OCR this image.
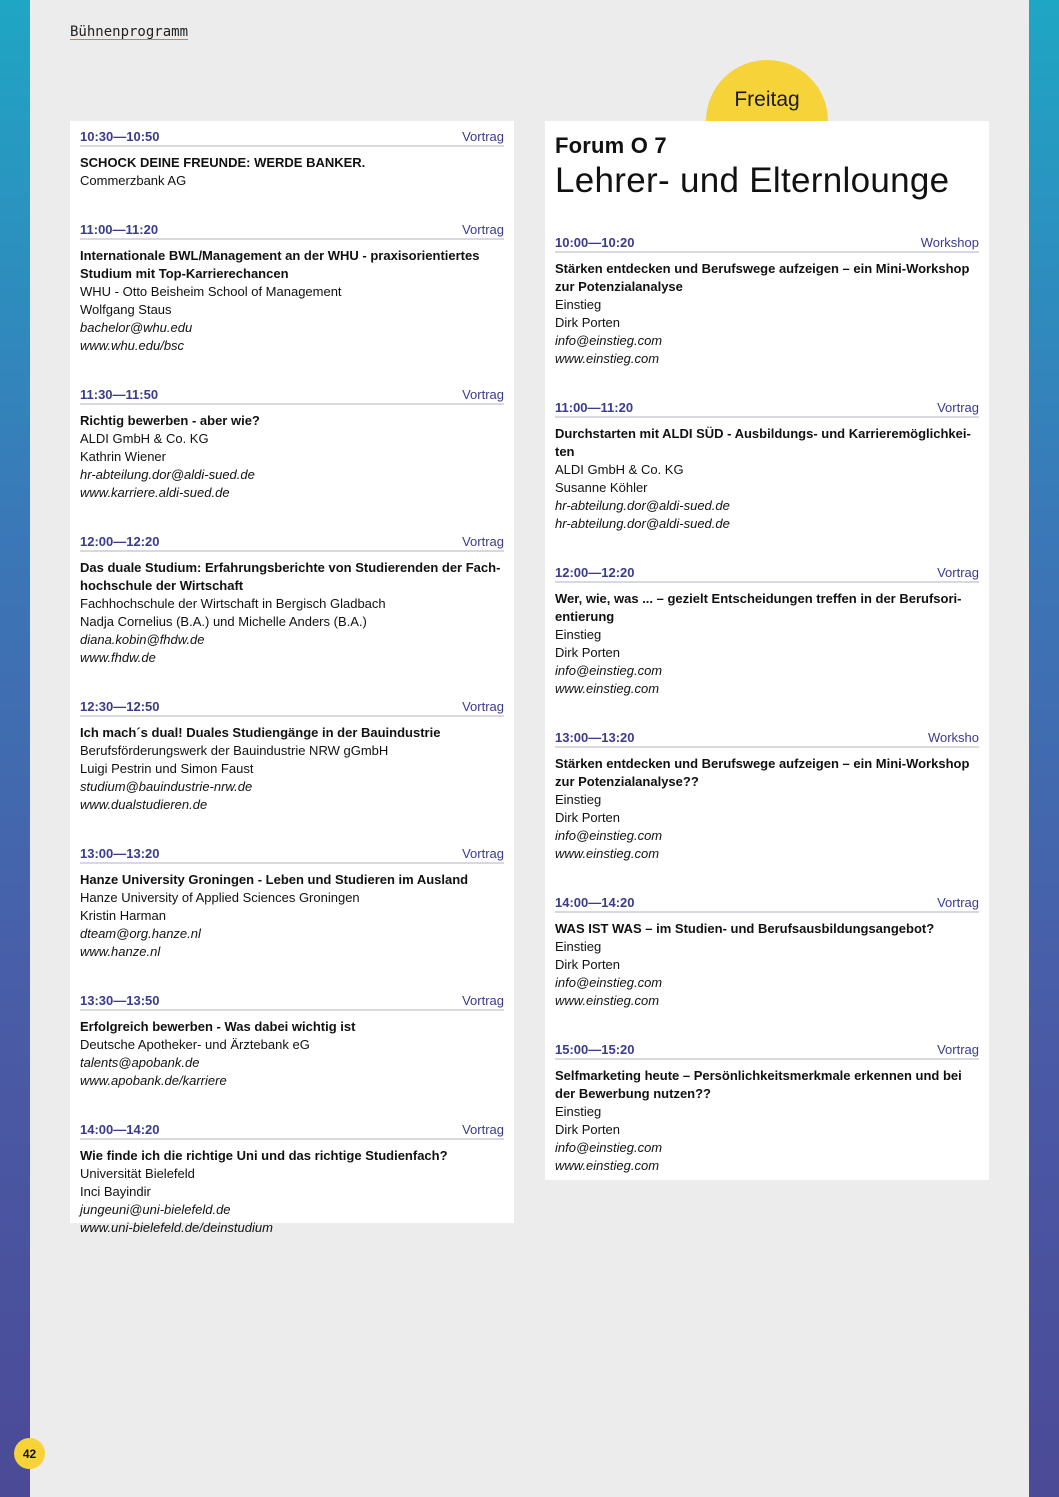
Bühnenprogramm
Freitag
10:30—10:50	Vortrag
SCHOCK DEINE FREUNDE: WERDE BANKER.
Commerzbank AG
11:00—11:20	Vortrag
Internationale BWL/Management an der WHU - praxisorientiertes Studium mit Top-Karrierechancen
WHU - Otto Beisheim School of Management
Wolfgang Staus
bachelor@whu.edu
www.whu.edu/bsc
11:30—11:50	Vortrag
Richtig bewerben - aber wie?
ALDI GmbH & Co. KG
Kathrin Wiener
hr-abteilung.dor@aldi-sued.de
www.karriere.aldi-sued.de
12:00—12:20	Vortrag
Das duale Studium: Erfahrungsberichte von Studierenden der Fach-hochschule der Wirtschaft
Fachhochschule der Wirtschaft in Bergisch Gladbach
Nadja Cornelius (B.A.) und Michelle Anders (B.A.)
diana.kobin@fhdw.de
www.fhdw.de
12:30—12:50	Vortrag
Ich mach´s dual! Duales Studiengänge in der Bauindustrie
Berufsförderungswerk der Bauindustrie NRW gGmbH
Luigi Pestrin und Simon Faust
studium@bauindustrie-nrw.de
www.dualstudieren.de
13:00—13:20	Vortrag
Hanze University Groningen - Leben und Studieren im Ausland
Hanze University of Applied Sciences Groningen
Kristin Harman
dteam@org.hanze.nl
www.hanze.nl
13:30—13:50	Vortrag
Erfolgreich bewerben - Was dabei wichtig ist
Deutsche Apotheker- und Ärztebank eG
talents@apobank.de
www.apobank.de/karriere
14:00—14:20	Vortrag
Wie finde ich die richtige Uni und das richtige Studienfach?
Universität Bielefeld
Inci Bayindir
jungeuni@uni-bielefeld.de
www.uni-bielefeld.de/deinstudium
Forum O 7
Lehrer- und Elternlounge
10:00—10:20	Workshop
Stärken entdecken und Berufswege aufzeigen – ein Mini-Workshop zur Potenzialanalyse
Einstieg
Dirk Porten
info@einstieg.com
www.einstieg.com
11:00—11:20	Vortrag
Durchstarten mit ALDI SÜD - Ausbildungs- und Karrieremöglichkei-ten
ALDI GmbH & Co. KG
Susanne Köhler
hr-abteilung.dor@aldi-sued.de
hr-abteilung.dor@aldi-sued.de
12:00—12:20	Vortrag
Wer, wie, was ... – gezielt Entscheidungen treffen in der Berufsori-entierung
Einstieg
Dirk Porten
info@einstieg.com
www.einstieg.com
13:00—13:20	Worksho
Stärken entdecken und Berufswege aufzeigen – ein Mini-Workshop zur Potenzialanalyse??
Einstieg
Dirk Porten
info@einstieg.com
www.einstieg.com
14:00—14:20	Vortrag
WAS IST WAS – im Studien- und Berufsausbildungsangebot?
Einstieg
Dirk Porten
info@einstieg.com
www.einstieg.com
15:00—15:20	Vortrag
Selfmarketing heute – Persönlichkeitsmerkmale erkennen und bei der Bewerbung nutzen??
Einstieg
Dirk Porten
info@einstieg.com
www.einstieg.com
42
